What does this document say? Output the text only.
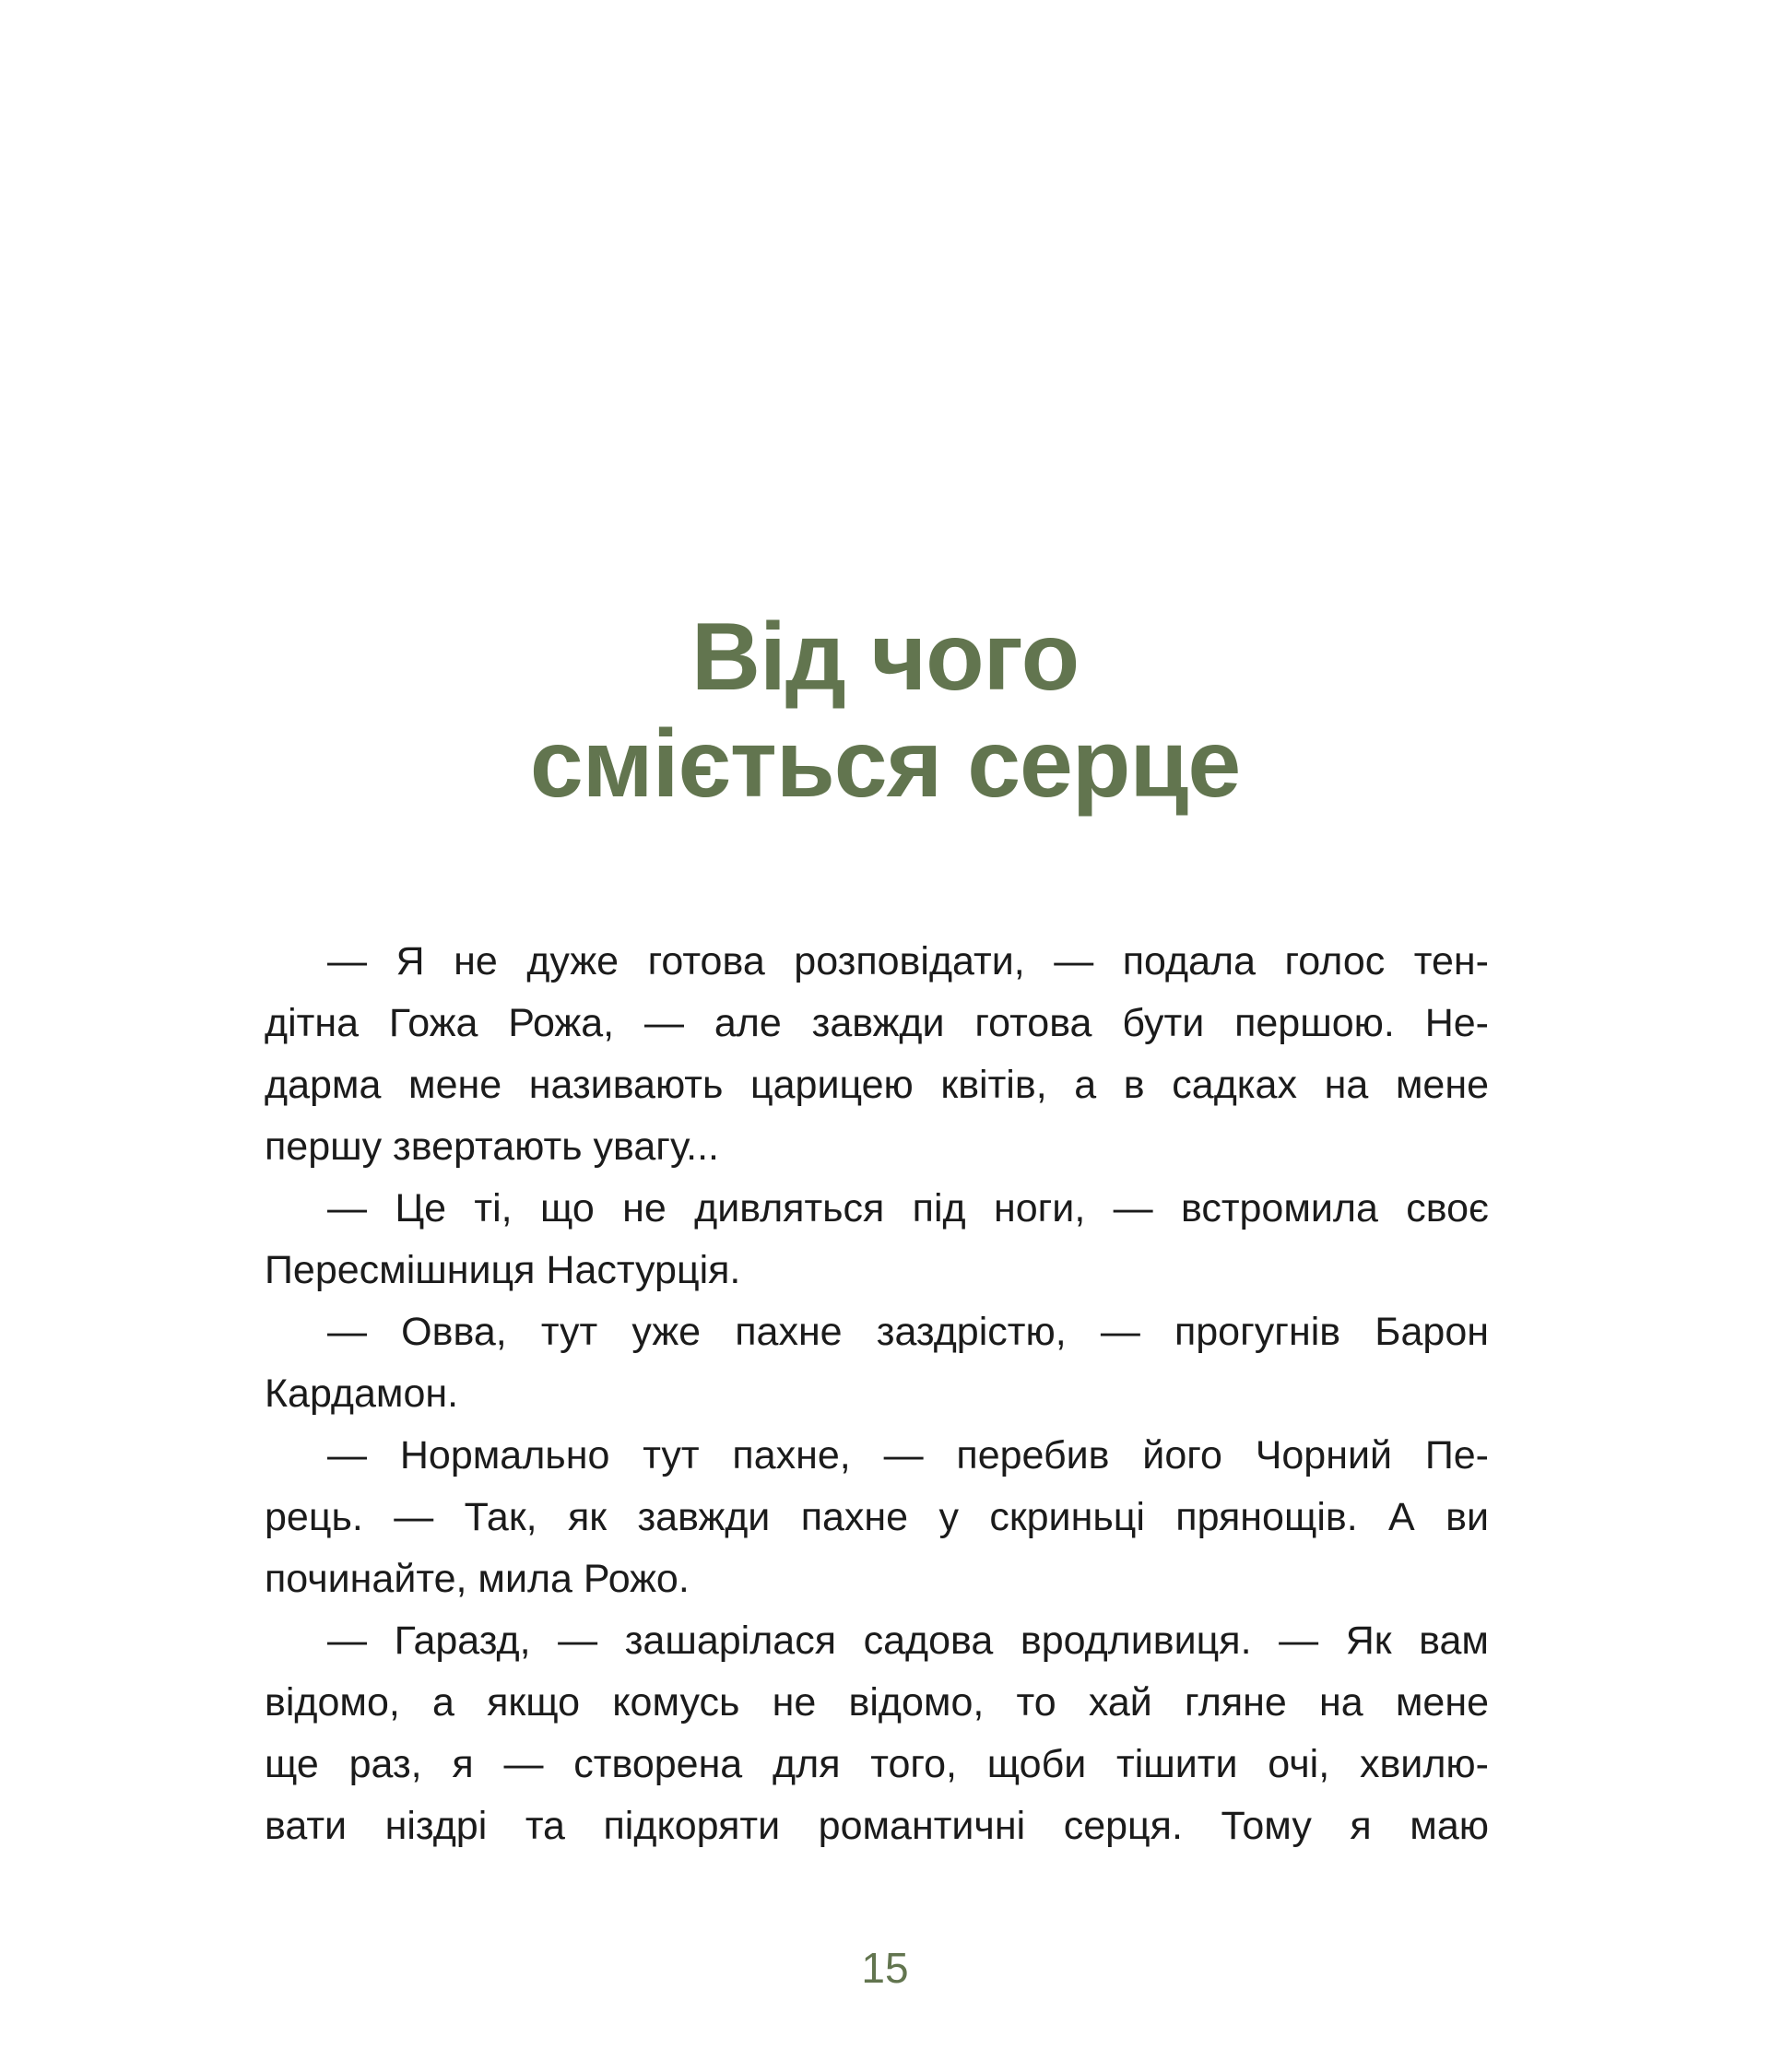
Від чого
сміється серце
— Я не дуже готова розповідати, — подала голос тен-
дітна Гожа Рожа, — але завжди готова бути першою. Не-
дарма мене називають царицею квітів, а в садках на мене
першу звертають увагу...
— Це ті, що не дивляться під ноги, — встромила своє
Пересмішниця Настурція.
— Овва, тут уже пахне заздрістю, — прогугнів Барон
Кардамон.
— Нормально тут пахне, — перебив його Чорний Пе-
рець. — Так, як завжди пахне у скриньці прянощів. А ви
починайте, мила Рожо.
— Гаразд, — зашарілася садова вродливиця. — Як вам
відомо, а якщо комусь не відомо, то хай гляне на мене
ще раз, я — створена для того, щоби тішити очі, хвилю-
вати ніздрі та підкоряти романтичні серця. Тому я маю
15
